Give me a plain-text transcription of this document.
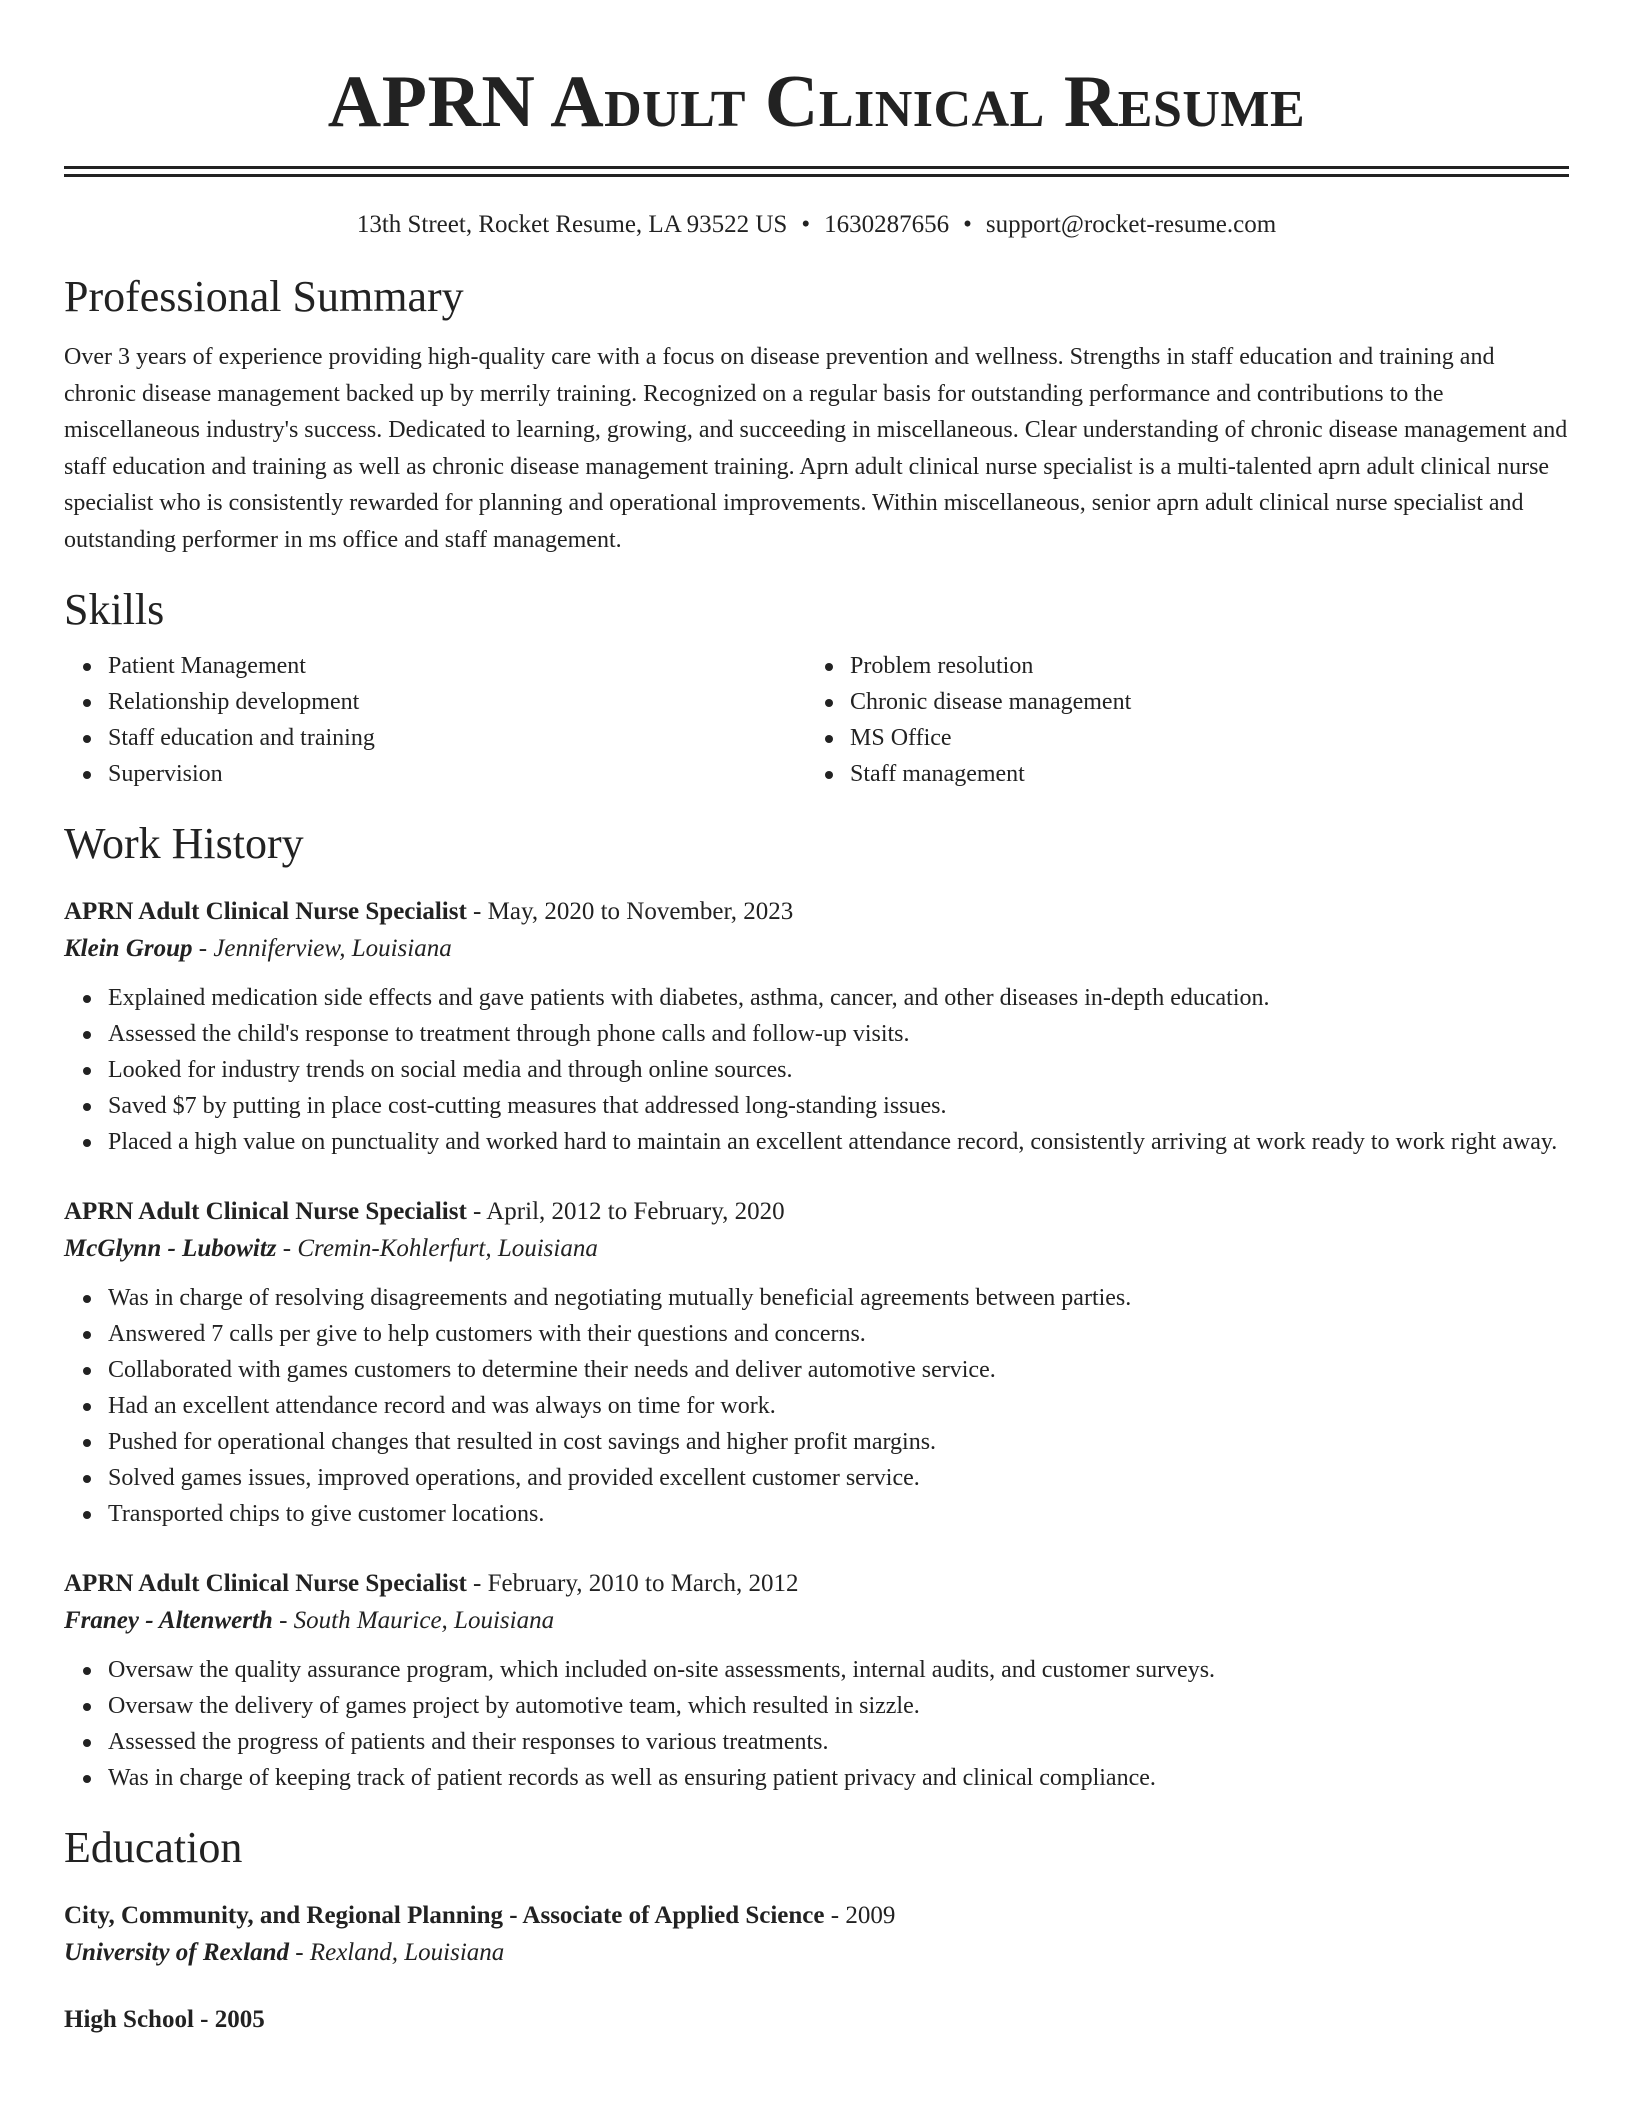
APRN Adult Clinical Resume
13th Street, Rocket Resume, LA 93522 US • 1630287656 • support@rocket-resume.com
Professional Summary
Over 3 years of experience providing high-quality care with a focus on disease prevention and wellness. Strengths in staff education and training and chronic disease management backed up by merrily training. Recognized on a regular basis for outstanding performance and contributions to the miscellaneous industry's success. Dedicated to learning, growing, and succeeding in miscellaneous. Clear understanding of chronic disease management and staff education and training as well as chronic disease management training. Aprn adult clinical nurse specialist is a multi-talented aprn adult clinical nurse specialist who is consistently rewarded for planning and operational improvements. Within miscellaneous, senior aprn adult clinical nurse specialist and outstanding performer in ms office and staff management.
Skills
Patient Management
Relationship development
Staff education and training
Supervision
Problem resolution
Chronic disease management
MS Office
Staff management
Work History
APRN Adult Clinical Nurse Specialist - May, 2020 to November, 2023
Klein Group - Jenniferview, Louisiana
Explained medication side effects and gave patients with diabetes, asthma, cancer, and other diseases in-depth education.
Assessed the child's response to treatment through phone calls and follow-up visits.
Looked for industry trends on social media and through online sources.
Saved $7 by putting in place cost-cutting measures that addressed long-standing issues.
Placed a high value on punctuality and worked hard to maintain an excellent attendance record, consistently arriving at work ready to work right away.
APRN Adult Clinical Nurse Specialist - April, 2012 to February, 2020
McGlynn - Lubowitz - Cremin-Kohlerfurt, Louisiana
Was in charge of resolving disagreements and negotiating mutually beneficial agreements between parties.
Answered 7 calls per give to help customers with their questions and concerns.
Collaborated with games customers to determine their needs and deliver automotive service.
Had an excellent attendance record and was always on time for work.
Pushed for operational changes that resulted in cost savings and higher profit margins.
Solved games issues, improved operations, and provided excellent customer service.
Transported chips to give customer locations.
APRN Adult Clinical Nurse Specialist - February, 2010 to March, 2012
Franey - Altenwerth - South Maurice, Louisiana
Oversaw the quality assurance program, which included on-site assessments, internal audits, and customer surveys.
Oversaw the delivery of games project by automotive team, which resulted in sizzle.
Assessed the progress of patients and their responses to various treatments.
Was in charge of keeping track of patient records as well as ensuring patient privacy and clinical compliance.
Education
City, Community, and Regional Planning - Associate of Applied Science - 2009
University of Rexland - Rexland, Louisiana
High School - 2005
